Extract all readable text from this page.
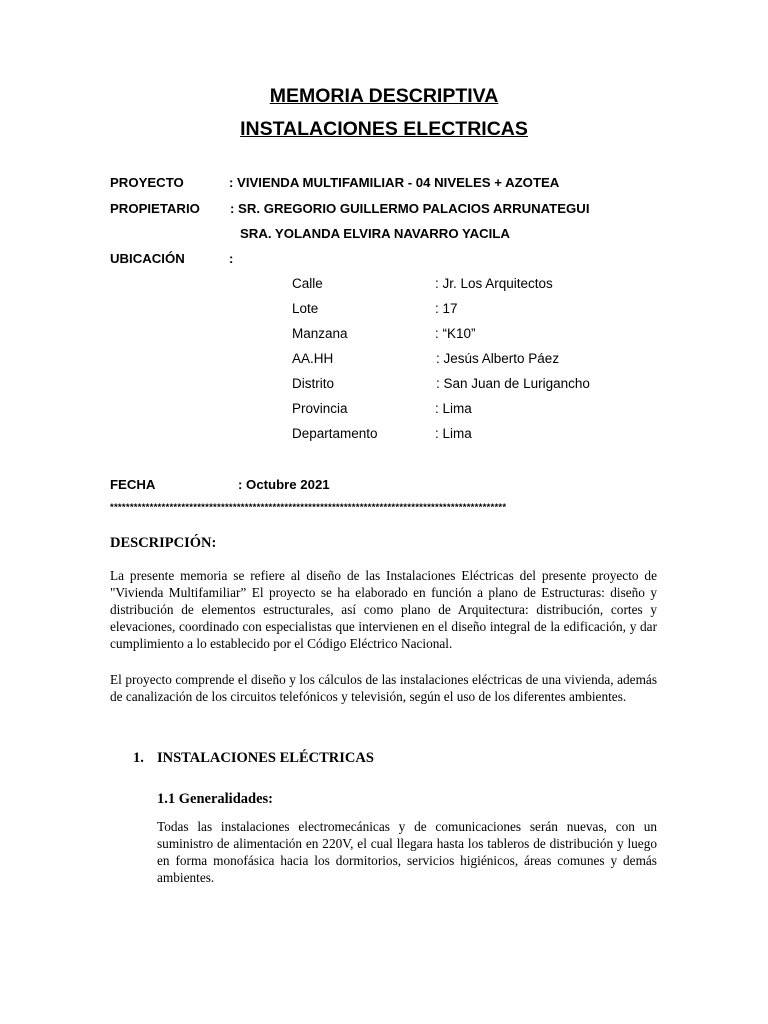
MEMORIA DESCRIPTIVA
INSTALACIONES ELECTRICAS
PROYECTO	: VIVIENDA MULTIFAMILIAR - 04 NIVELES + AZOTEA
PROPIETARIO : SR. GREGORIO GUILLERMO PALACIOS ARRUNATEGUI
SRA. YOLANDA ELVIRA NAVARRO YACILA
UBICACIÓN	:
Calle	: Jr. Los Arquitectos
Lote	: 17
Manzana	: “K10”
AA.HH	: Jesús Alberto Páez
Distrito	: San Juan de Lurigancho
Provincia	: Lima
Departamento	: Lima
FECHA	: Octubre 2021
****************************************************************************************************
DESCRIPCIÓN:
La presente memoria se refiere al diseño de las Instalaciones Eléctricas del presente proyecto de "Vivienda Multifamiliar” El proyecto se ha elaborado en función a plano de Estructuras: diseño y distribución de elementos estructurales, así como plano de Arquitectura: distribución, cortes y elevaciones, coordinado con especialistas que intervienen en el diseño integral de la edificación, y dar cumplimiento a lo establecido por el Código Eléctrico Nacional.
El proyecto comprende el diseño y los cálculos de las instalaciones eléctricas de una vivienda, además de canalización de los circuitos telefónicos y televisión, según el uso de los diferentes ambientes.
1. INSTALACIONES ELÉCTRICAS
1.1 Generalidades:
Todas las instalaciones electromecánicas y de comunicaciones serán nuevas, con un suministro de alimentación en 220V, el cual llegara hasta los tableros de distribución y luego en forma monofásica hacia los dormitorios, servicios higiénicos, áreas comunes y demás ambientes.
